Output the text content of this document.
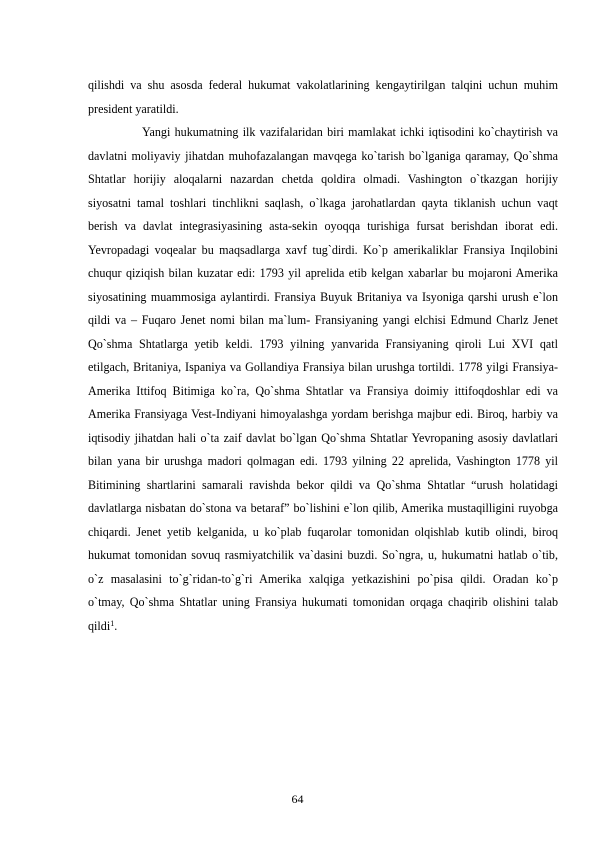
qilishdi va shu asosda federal hukumat vakolatlarining kengaytirilgan talqini uchun muhim president yaratildi.

Yangi hukumatning ilk vazifalaridan biri mamlakat ichki iqtisodini ko`chaytirish va davlatni moliyaviy jihatdan muhofazalangan mavqega ko`tarish bo`lganiga qaramay, Qo`shma Shtatlar horijiy aloqalarni nazardan chetda qoldira olmadi. Vashington o`tkazgan horijiy siyosatni tamal toshlari tinchlikni saqlash, o`lkaga jarohatlardan qayta tiklanish uchun vaqt berish va davlat integrasiyasining asta-sekin oyoqqa turishiga fursat berishdan iborat edi. Yevropadagi voqealar bu maqsadlarga xavf tug`dirdi. Ko`p amerikaliklar Fransiya Inqilobini chuqur qiziqish bilan kuzatar edi: 1793 yil aprelida etib kelgan xabarlar bu mojaroni Amerika siyosatining muammosiga aylantirdi. Fransiya Buyuk Britaniya va Isyoniga qarshi urush e`lon qildi va – Fuqaro Jenet nomi bilan ma`lum- Fransiyaning yangi elchisi Edmund Charlz Jenet Qo`shma Shtatlarga yetib keldi. 1793 yilning yanvarida Fransiyaning qiroli Lui XVI qatl etilgach, Britaniya, Ispaniya va Gollandiya Fransiya bilan urushga tortildi. 1778 yilgi Fransiya-Amerika Ittifoq Bitimiga ko`ra, Qo`shma Shtatlar va Fransiya doimiy ittifoqdoshlar edi va Amerika Fransiyaga Vest-Indiyani himoyalashga yordam berishga majbur edi. Biroq, harbiy va iqtisodiy jihatdan hali o`ta zaif davlat bo`lgan Qo`shma Shtatlar Yevropaning asosiy davlatlari bilan yana bir urushga madori qolmagan edi. 1793 yilning 22 aprelida, Vashington 1778 yil Bitimining shartlarini samarali ravishda bekor qildi va Qo`shma Shtatlar “urush holatidagi davlatlarga nisbatan do`stona va betaraf” bo`lishini e`lon qilib, Amerika mustaqilligini ruyobga chiqardi. Jenet yetib kelganida, u ko`plab fuqarolar tomonidan olqishlab kutib olindi, biroq hukumat tomonidan sovuq rasmiyatchilik va`dasini buzdi. So`ngra, u, hukumatni hatlab o`tib, o`z masalasini to`g`ridan-to`g`ri Amerika xalqiga yetkazishini po`pisa qildi. Oradan ko`p o`tmay, Qo`shma Shtatlar uning Fransiya hukumati tomonidan orqaga chaqirib olishini talab qildi$^1$.

64
